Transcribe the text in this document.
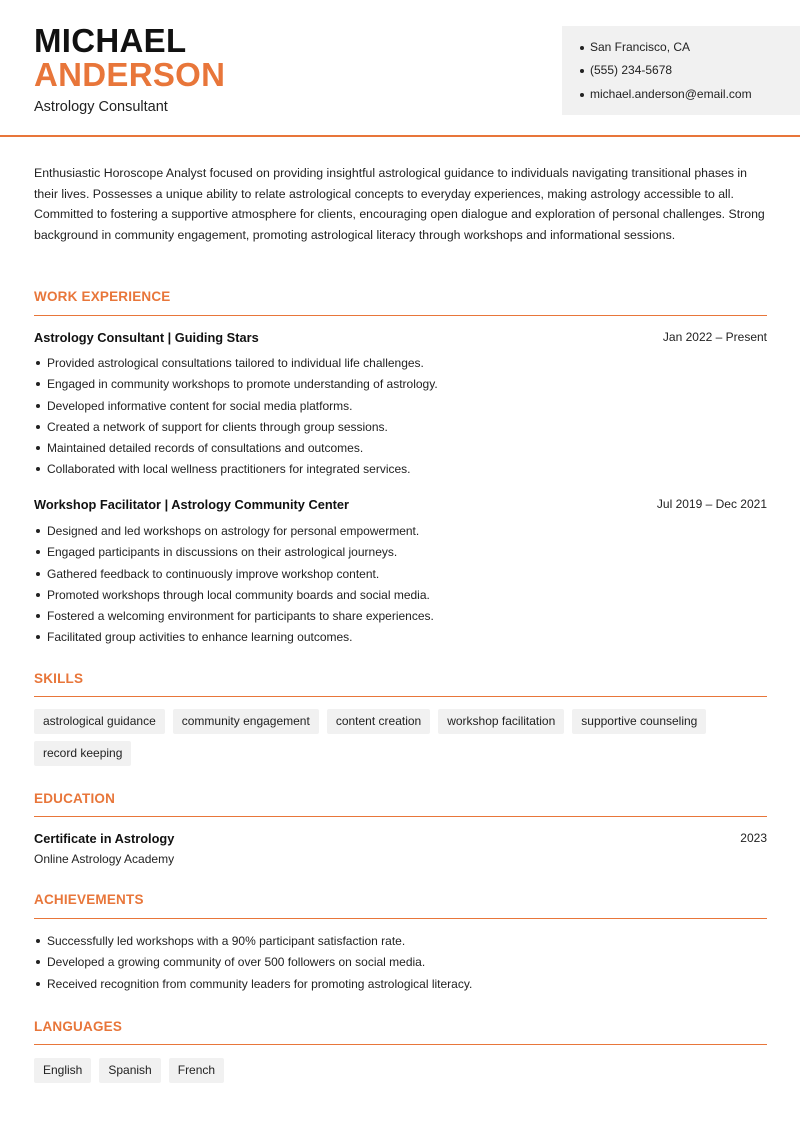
MICHAEL
ANDERSON
Astrology Consultant
San Francisco, CA
(555) 234-5678
michael.anderson@email.com

Enthusiastic Horoscope Analyst focused on providing insightful astrological guidance to individuals navigating transitional phases in their lives. Possesses a unique ability to relate astrological concepts to everyday experiences, making astrology accessible to all. Committed to fostering a supportive atmosphere for clients, encouraging open dialogue and exploration of personal challenges. Strong background in community engagement, promoting astrological literacy through workshops and informational sessions.

WORK EXPERIENCE
Astrology Consultant | Guiding Stars	Jan 2022 – Present
Provided astrological consultations tailored to individual life challenges.
Engaged in community workshops to promote understanding of astrology.
Developed informative content for social media platforms.
Created a network of support for clients through group sessions.
Maintained detailed records of consultations and outcomes.
Collaborated with local wellness practitioners for integrated services.
Workshop Facilitator | Astrology Community Center	Jul 2019 – Dec 2021
Designed and led workshops on astrology for personal empowerment.
Engaged participants in discussions on their astrological journeys.
Gathered feedback to continuously improve workshop content.
Promoted workshops through local community boards and social media.
Fostered a welcoming environment for participants to share experiences.
Facilitated group activities to enhance learning outcomes.
SKILLS
astrological guidance	community engagement	content creation	workshop facilitation	supportive counseling
record keeping
EDUCATION
Certificate in Astrology	2023
Online Astrology Academy
ACHIEVEMENTS
Successfully led workshops with a 90% participant satisfaction rate.
Developed a growing community of over 500 followers on social media.
Received recognition from community leaders for promoting astrological literacy.
LANGUAGES
English	Spanish	French
